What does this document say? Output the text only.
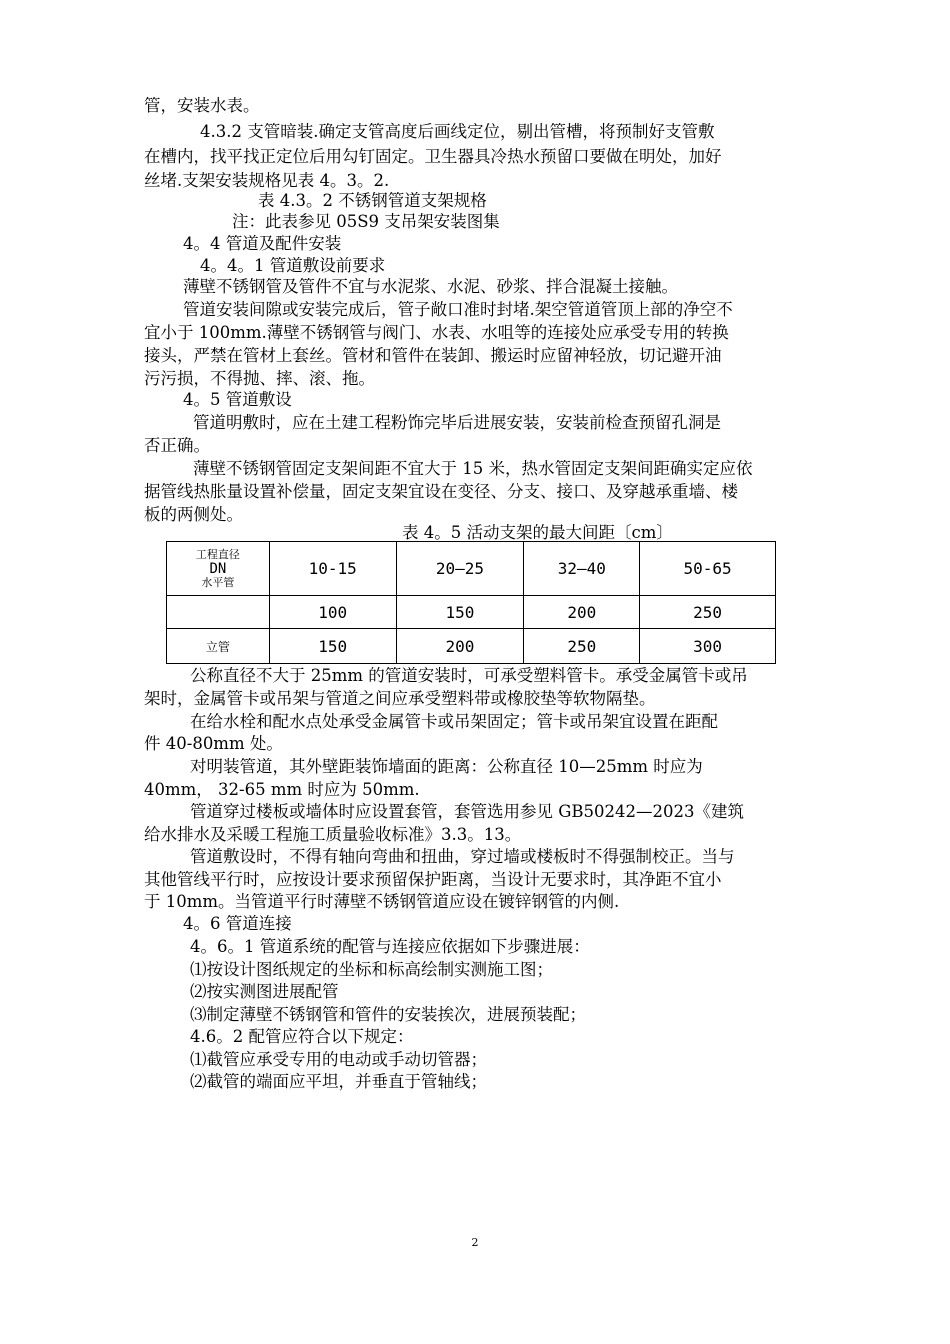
管，安装水表。
4.3.2 支管暗装.确定支管高度后画线定位，剔出管槽，将预制好支管敷
在槽内，找平找正定位后用勾钉固定。卫生器具冷热水预留口要做在明处，加好
丝堵.支架安装规格见表 4。3。2.
表 4.3。2 不锈钢管道支架规格
注：此表参见 05S9 支吊架安装图集
4。4 管道及配件安装
4。4。1 管道敷设前要求
薄壁不锈钢管及管件不宜与水泥浆、水泥、砂浆、拌合混凝土接触。
管道安装间隙或安装完成后，管子敞口准时封堵.架空管道管顶上部的净空不
宜小于 100mm.薄壁不锈钢管与阀门、水表、水咀等的连接处应承受专用的转换
接头，严禁在管材上套丝。管材和管件在装卸、搬运时应留神轻放，切记避开油
污污损，不得抛、摔、滚、拖。
4。5 管道敷设
管道明敷时，应在土建工程粉饰完毕后进展安装，安装前检查预留孔洞是
否正确。
薄壁不锈钢管固定支架间距不宜大于 15 米，热水管固定支架间距确实定应依
据管线热胀量设置补偿量，固定支架宜设在变径、分支、接口、及穿越承重墙、楼
板的两侧处。
表 4。5 活动支架的最大间距〔cm〕
工程直径
DN
水平管	10-15	20—25	32—40	50-65
	100	150	200	250
立管	150	200	250	300
公称直径不大于 25mm 的管道安装时，可承受塑料管卡。承受金属管卡或吊
架时，金属管卡或吊架与管道之间应承受塑料带或橡胶垫等软物隔垫。
在给水栓和配水点处承受金属管卡或吊架固定；管卡或吊架宜设置在距配
件 40-80mm 处。
对明装管道，其外壁距装饰墙面的距离：公称直径 10—25mm 时应为
40mm， 32-65 mm 时应为 50mm.
管道穿过楼板或墙体时应设置套管，套管选用参见 GB50242—2023《建筑
给水排水及采暖工程施工质量验收标准》3.3。13。
管道敷设时，不得有轴向弯曲和扭曲，穿过墙或楼板时不得强制校正。当与
其他管线平行时，应按设计要求预留保护距离，当设计无要求时，其净距不宜小
于 10mm。当管道平行时薄壁不锈钢管道应设在镀锌钢管的内侧.
4。6 管道连接
4。6。1 管道系统的配管与连接应依据如下步骤进展：
⑴按设计图纸规定的坐标和标高绘制实测施工图；
⑵按实测图进展配管
⑶制定薄壁不锈钢管和管件的安装挨次，进展预装配；
4.6。2 配管应符合以下规定：
⑴截管应承受专用的电动或手动切管器；
⑵截管的端面应平坦，并垂直于管轴线；
2
